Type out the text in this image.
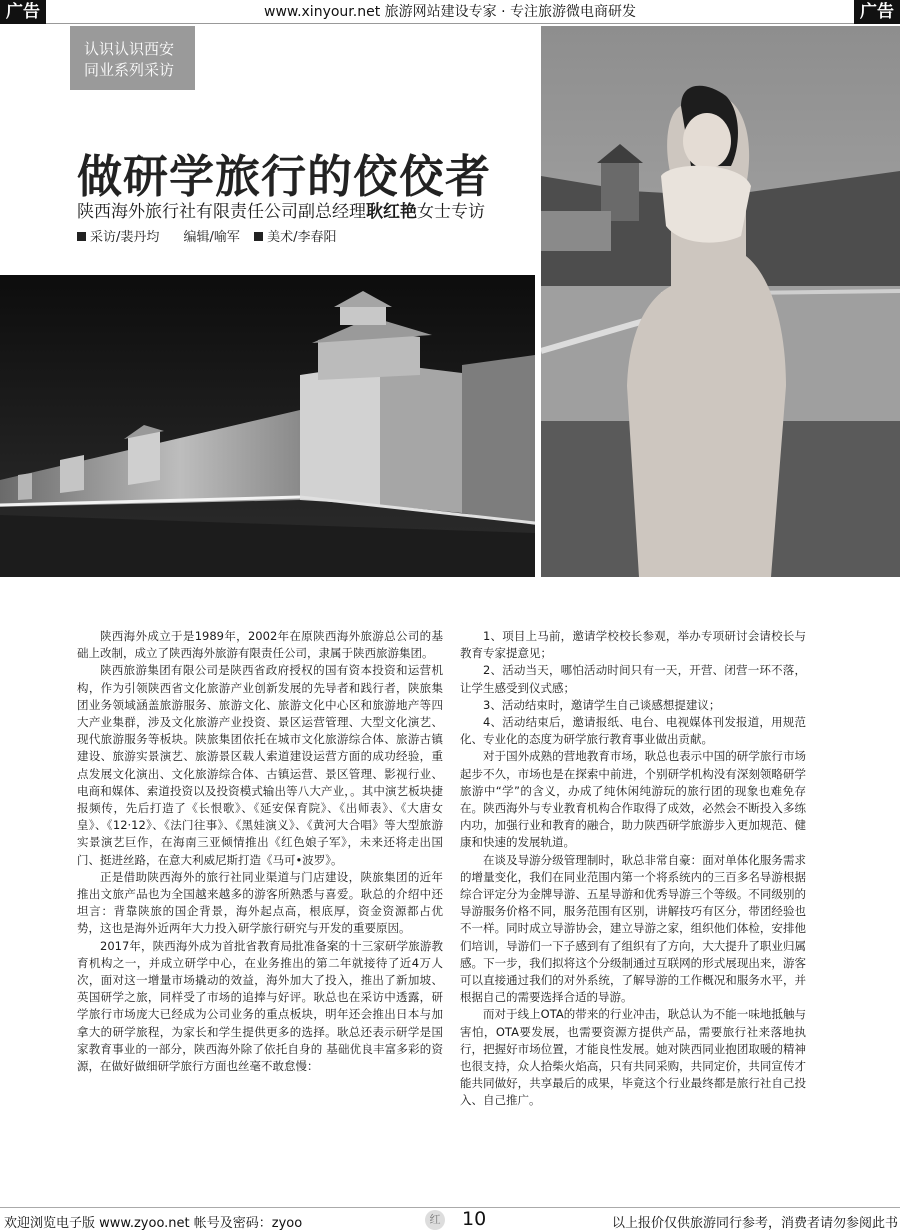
广告	www.xinyour.net 旅游网站建设专家 · 专注旅游微电商研发	广告
认识认识西安
同业系列采访
做研学旅行的佼佼者
陕西海外旅行社有限责任公司副总经理耿红艳女士专访
采访/裴丹均 编辑/喻军 美术/李春阳

陕西海外成立于是1989年，2002年在原陕西海外旅游总公司的基础上改制，成立了陕西海外旅游有限责任公司，隶属于陕西旅游集团。

陕西旅游集团有限公司是陕西省政府授权的国有资本投资和运营机构，作为引领陕西省文化旅游产业创新发展的先导者和践行者，陕旅集团业务领域涵盖旅游服务、旅游文化、旅游文化中心区和旅游地产等四大产业集群，涉及文化旅游产业投资、景区运营管理、大型文化演艺、现代旅游服务等板块。陕旅集团依托在城市文化旅游综合体、旅游古镇建设、旅游实景演艺、旅游景区载人索道建设运营方面的成功经验，重点发展文化演出、文化旅游综合体、古镇运营、景区管理、影视行业、电商和媒体、索道投资以及投资模式输出等八大产业，。其中演艺板块捷报频传，先后打造了《长恨歌》、《延安保育院》、《出师表》、《大唐女皇》、《12·12》、《法门往事》、《黑娃演义》、《黄河大合唱》等大型旅游实景演艺巨作，在海南三亚倾情推出《红色娘子军》，未来还将走出国门、挺进丝路，在意大利威尼斯打造《马可•波罗》。

正是借助陕西海外的旅行社同业渠道与门店建设，陕旅集团的近年推出文旅产品也为全国越来越多的游客所熟悉与喜爱。耿总的介绍中还坦言：背靠陕旅的国企背景，海外起点高，根底厚，资金资源都占优势，这也是海外近两年大力投入研学旅行研究与开发的重要原因。

2017年，陕西海外成为首批省教育局批准备案的十三家研学旅游教育机构之一，并成立研学中心，在业务推出的第二年就接待了近4万人次，面对这一增量市场撬动的效益，海外加大了投入，推出了新加坡、英国研学之旅，同样受了市场的追捧与好评。耿总也在采访中透露，研学旅行市场庞大已经成为公司业务的重点板块，明年还会推出日本与加拿大的研学旅程，为家长和学生提供更多的选择。耿总还表示研学是国家教育事业的一部分，陕西海外除了依托自身的 基础优良丰富多彩的资源，在做好做细研学旅行方面也丝毫不敢怠慢：

1、项目上马前，邀请学校校长参观，举办专项研讨会请校长与教育专家提意见；

2、活动当天，哪怕活动时间只有一天，开营、闭营一环不落，让学生感受到仪式感；

3、活动结束时，邀请学生自己谈感想提建议；

4、活动结束后，邀请报纸、电台、电视媒体刊发报道，用规范化、专业化的态度为研学旅行教育事业做出贡献。

对于国外成熟的营地教育市场，耿总也表示中国的研学旅行市场起步不久，市场也是在探索中前进，个别研学机构没有深刻领略研学旅游中“学”的含义，办成了纯休闲纯游玩的旅行团的现象也难免存在。陕西海外与专业教育机构合作取得了成效，必然会不断投入多练内功，加强行业和教育的融合，助力陕西研学旅游步入更加规范、健康和快速的发展轨道。

在谈及导游分级管理制时，耿总非常自豪：面对单体化服务需求的增量变化，我们在同业范围内第一个将系统内的三百多名导游根据综合评定分为金牌导游、五星导游和优秀导游三个等级。不同级别的导游服务价格不同，服务范围有区别，讲解技巧有区分，带团经验也不一样。同时成立导游协会，建立导游之家，组织他们体检，安排他们培训，导游们一下子感到有了组织有了方向，大大提升了职业归属感。下一步，我们拟将这个分级制通过互联网的形式展现出来，游客可以直接通过我们的对外系统，了解导游的工作概况和服务水平，并根据自己的需要选择合适的导游。

而对于线上OTA的带来的行业冲击，耿总认为不能一味地抵触与害怕，OTA要发展，也需要资源方提供产品，需要旅行社来落地执行，把握好市场位置，才能良性发展。她对陕西同业抱团取暖的精神也很支持，众人拾柴火焰高，只有共同采购，共同定价，共同宣传才能共同做好，共享最后的成果，毕竟这个行业最终都是旅行社自己投入、自己推广。

欢迎浏览电子版 www.zyoo.net 帐号及密码：zyoo	红 10	以上报价仅供旅游同行参考，消费者请勿参阅此书
